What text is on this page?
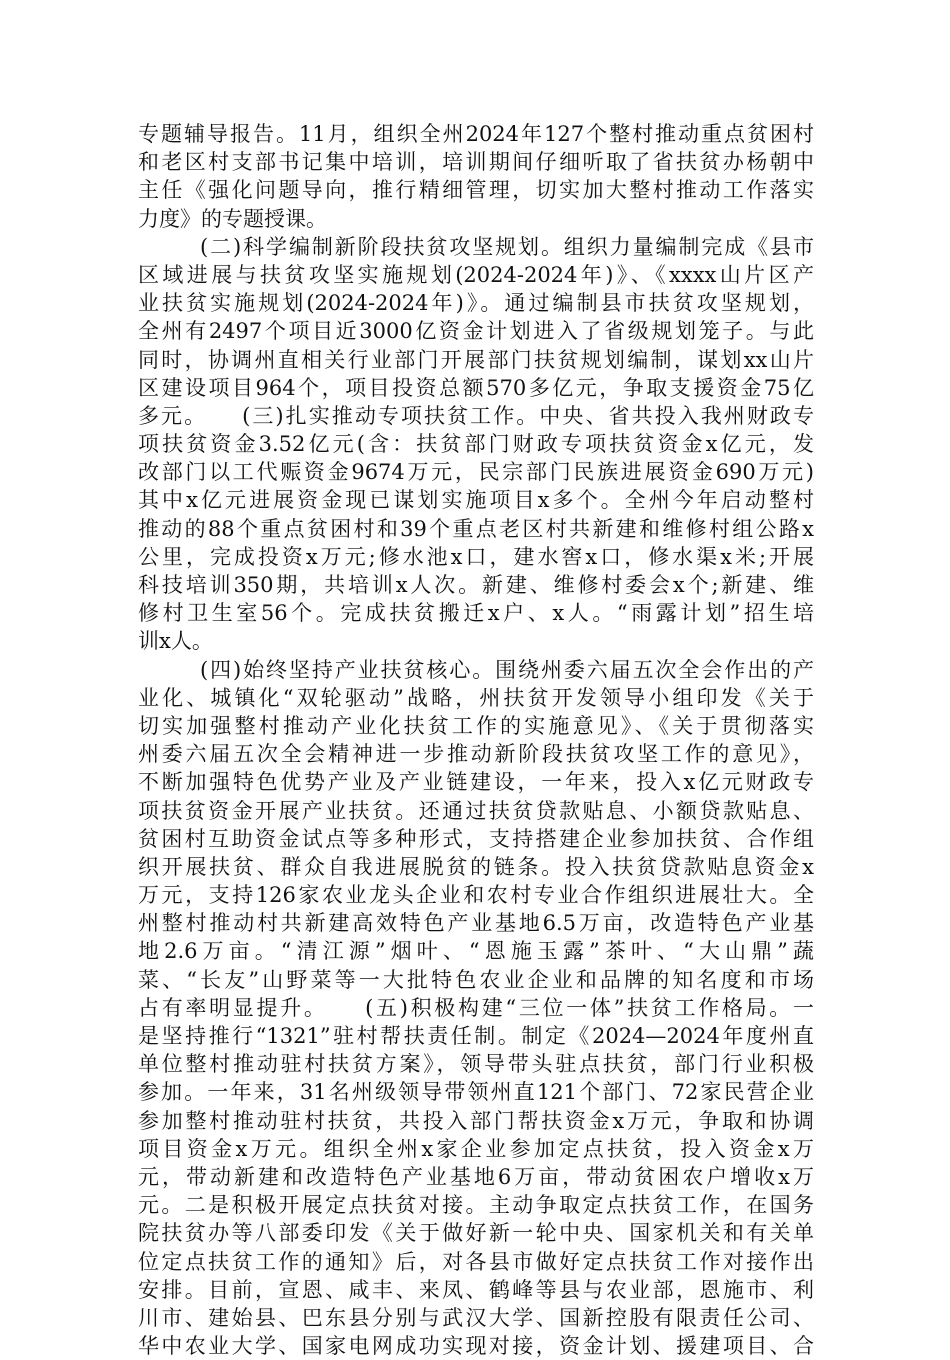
专题辅导报告。11月，组织全州2024年127个整村推动重点贫困村
和老区村支部书记集中培训，培训期间仔细听取了省扶贫办杨朝中
主任《强化问题导向，推行精细管理，切实加大整村推动工作落实
力度》的专题授课。
(二)科学编制新阶段扶贫攻坚规划。组织力量编制完成《县市
区域进展与扶贫攻坚实施规划(2024-2024年)》、《xxxx山片区产
业扶贫实施规划(2024-2024年)》。通过编制县市扶贫攻坚规划，
全州有2497个项目近3000亿资金计划进入了省级规划笼子。与此
同时，协调州直相关行业部门开展部门扶贫规划编制，谋划xx山片
区建设项目964个，项目投资总额570多亿元，争取支援资金75亿
多元。    (三)扎实推动专项扶贫工作。中央、省共投入我州财政专
项扶贫资金3.52亿元(含：扶贫部门财政专项扶贫资金x亿元，发
改部门以工代赈资金9674万元，民宗部门民族进展资金690万元)
其中x亿元进展资金现已谋划实施项目x多个。全州今年启动整村
推动的88个重点贫困村和39个重点老区村共新建和维修村组公路x
公里，完成投资x万元;修水池x口，建水窖x口，修水渠x米;开展
科技培训350期，共培训x人次。新建、维修村委会x个;新建、维
修村卫生室56个。完成扶贫搬迁x户、x人。“雨露计划”招生培
训x人。
(四)始终坚持产业扶贫核心。围绕州委六届五次全会作出的产
业化、城镇化“双轮驱动”战略，州扶贫开发领导小组印发《关于
切实加强整村推动产业化扶贫工作的实施意见》、《关于贯彻落实
州委六届五次全会精神进一步推动新阶段扶贫攻坚工作的意见》，
不断加强特色优势产业及产业链建设，一年来，投入x亿元财政专
项扶贫资金开展产业扶贫。还通过扶贫贷款贴息、小额贷款贴息、
贫困村互助资金试点等多种形式，支持搭建企业参加扶贫、合作组
织开展扶贫、群众自我进展脱贫的链条。投入扶贫贷款贴息资金x
万元，支持126家农业龙头企业和农村专业合作组织进展壮大。全
州整村推动村共新建高效特色产业基地6.5万亩，改造特色产业基
地2.6万亩。“清江源”烟叶、“恩施玉露”茶叶、“大山鼎”蔬
菜、“长友”山野菜等一大批特色农业企业和品牌的知名度和市场
占有率明显提升。    (五)积极构建“三位一体”扶贫工作格局。一
是坚持推行“1321”驻村帮扶责任制。制定《2024—2024年度州直
单位整村推动驻村扶贫方案》，领导带头驻点扶贫，部门行业积极
参加。一年来，31名州级领导带领州直121个部门、72家民营企业
参加整村推动驻村扶贫，共投入部门帮扶资金x万元，争取和协调
项目资金x万元。组织全州x家企业参加定点扶贫，投入资金x万
元，带动新建和改造特色产业基地6万亩，带动贫困农户增收x万
元。二是积极开展定点扶贫对接。主动争取定点扶贫工作，在国务
院扶贫办等八部委印发《关于做好新一轮中央、国家机关和有关单
位定点扶贫工作的通知》后，对各县市做好定点扶贫工作对接作出
安排。目前，宣恩、咸丰、来凤、鹤峰等县与农业部，恩施市、利
川市、建始县、巴东县分别与武汉大学、国新控股有限责任公司、
华中农业大学、国家电网成功实现对接，资金计划、援建项目、合
